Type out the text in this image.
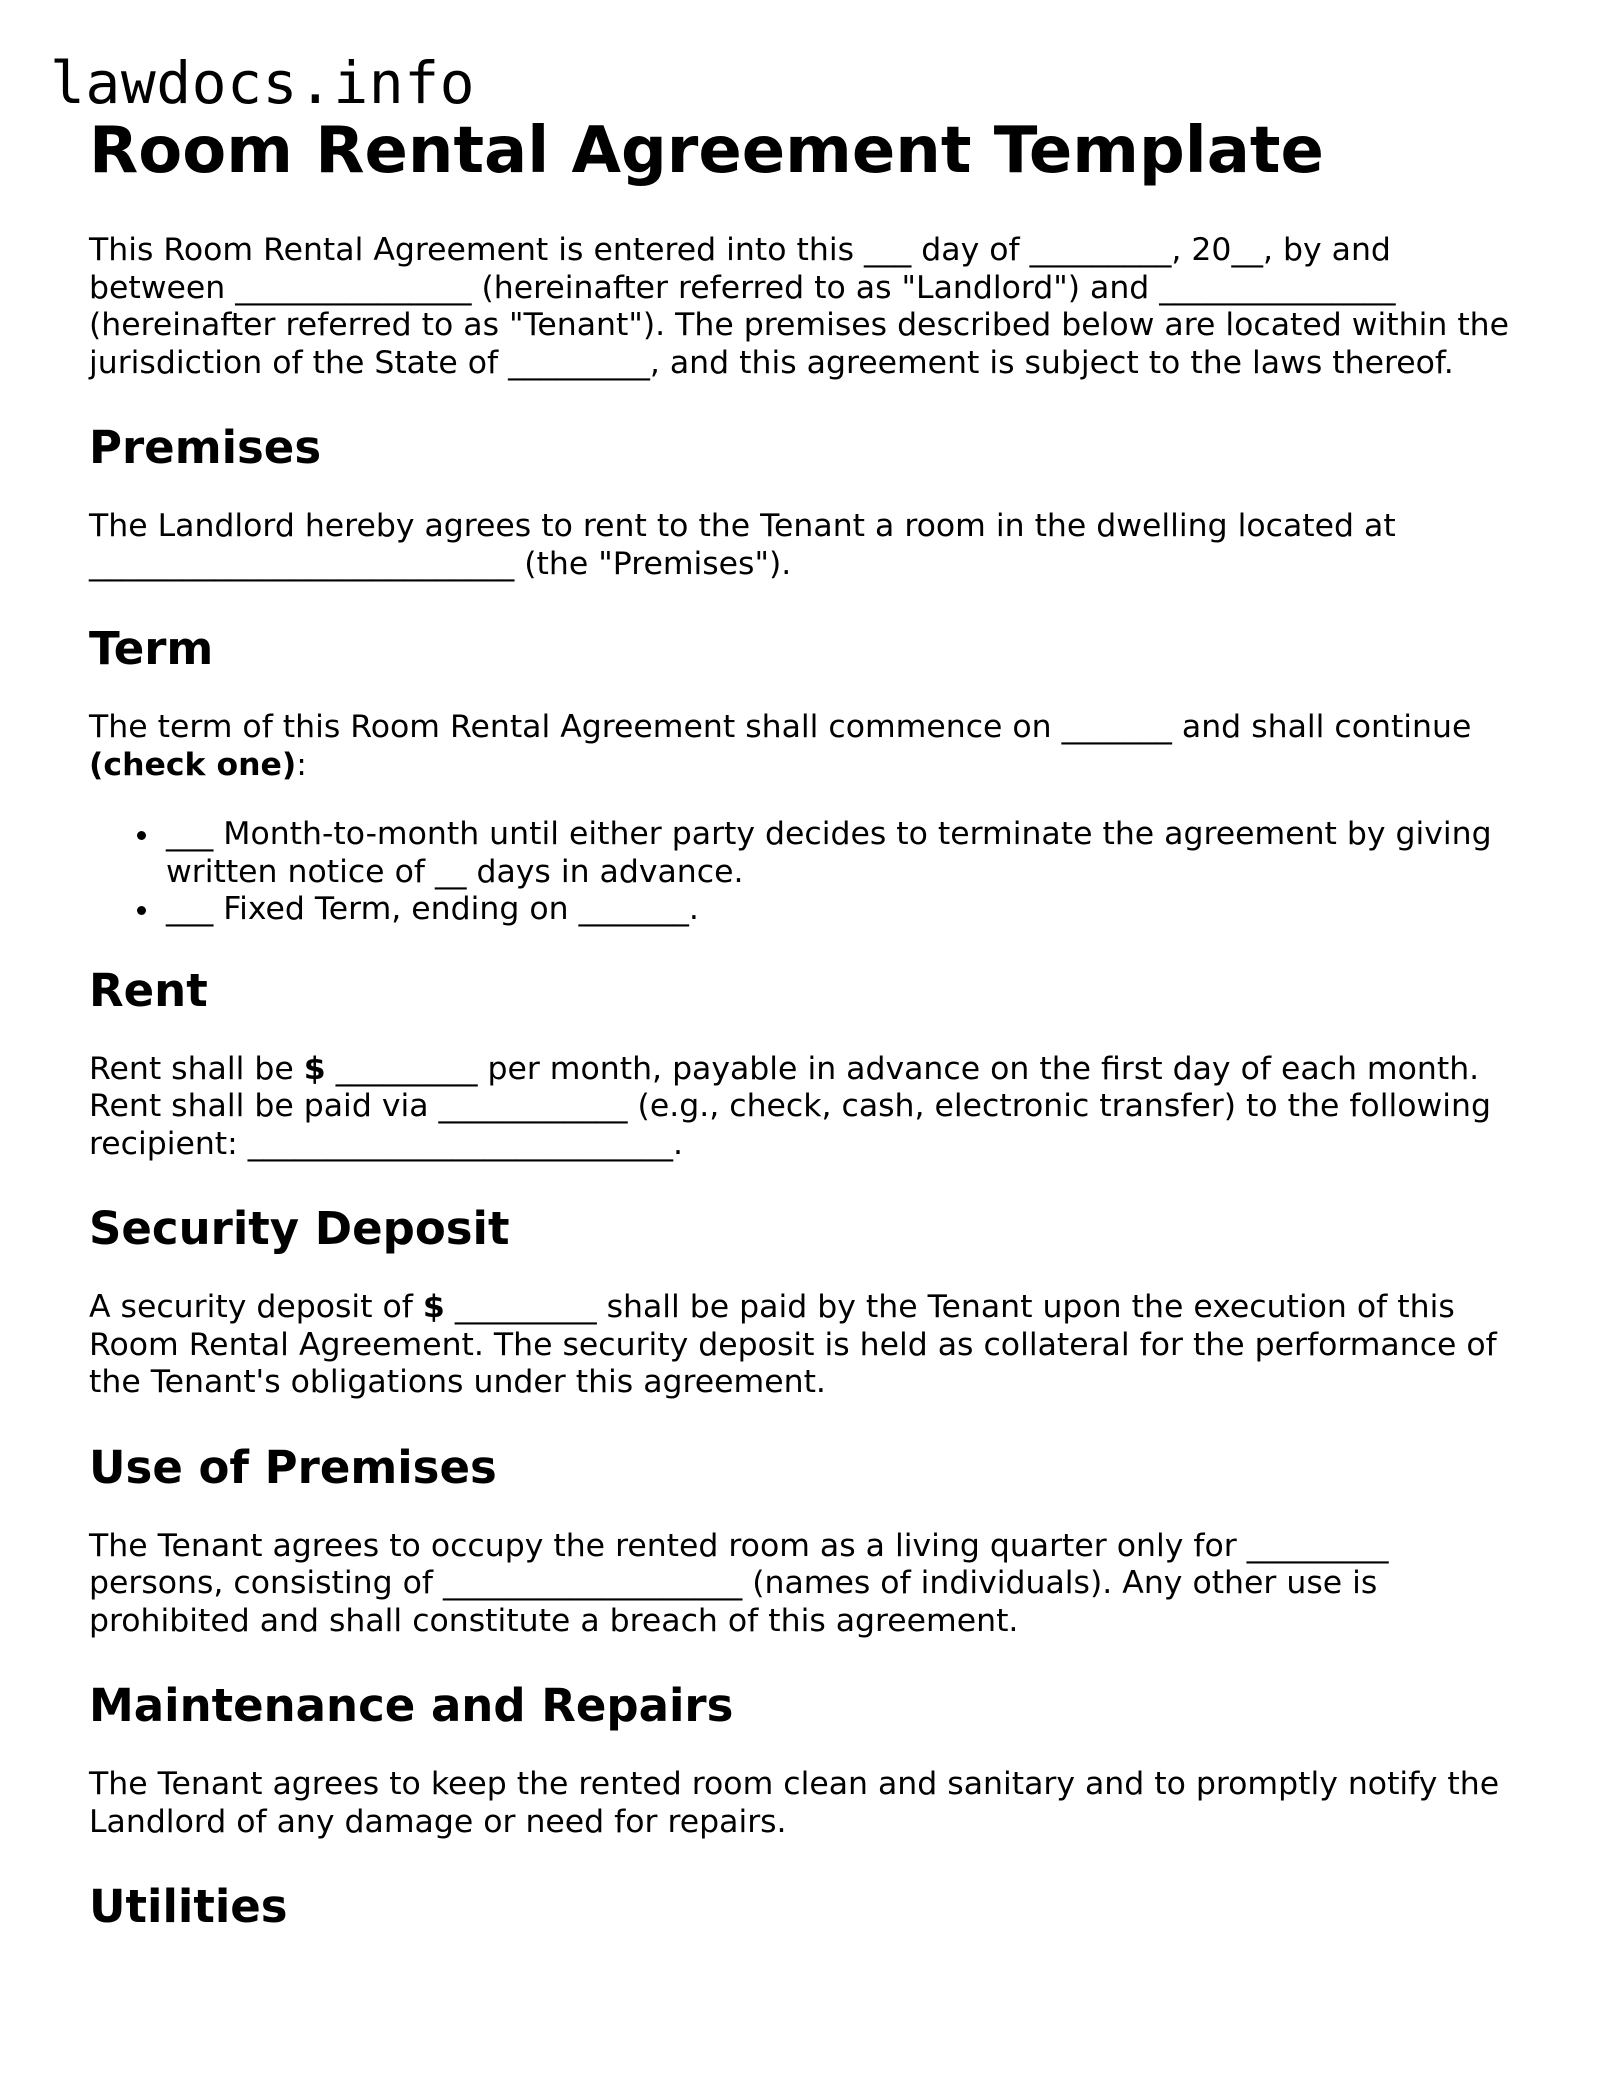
lawdocs.info
Room Rental Agreement Template

This Room Rental Agreement is entered into this ___ day of _________, 20__, by and between _______________ (hereinafter referred to as "Landlord") and _______________ (hereinafter referred to as "Tenant"). The premises described below are located within the jurisdiction of the State of _________, and this agreement is subject to the laws thereof.

Premises

The Landlord hereby agrees to rent to the Tenant a room in the dwelling located at ___________________________ (the "Premises").

Term

The term of this Room Rental Agreement shall commence on _______ and shall continue (check one):

___ Month-to-month until either party decides to terminate the agreement by giving written notice of __ days in advance.
___ Fixed Term, ending on _______.
Rent

Rent shall be $ _________ per month, payable in advance on the first day of each month. Rent shall be paid via ____________ (e.g., check, cash, electronic transfer) to the following recipient: ___________________________.

Security Deposit

A security deposit of $ _________ shall be paid by the Tenant upon the execution of this Room Rental Agreement. The security deposit is held as collateral for the performance of the Tenant's obligations under this agreement.

Use of Premises

The Tenant agrees to occupy the rented room as a living quarter only for _________ persons, consisting of ___________________ (names of individuals). Any other use is prohibited and shall constitute a breach of this agreement.

Maintenance and Repairs

The Tenant agrees to keep the rented room clean and sanitary and to promptly notify the Landlord of any damage or need for repairs.

Utilities
